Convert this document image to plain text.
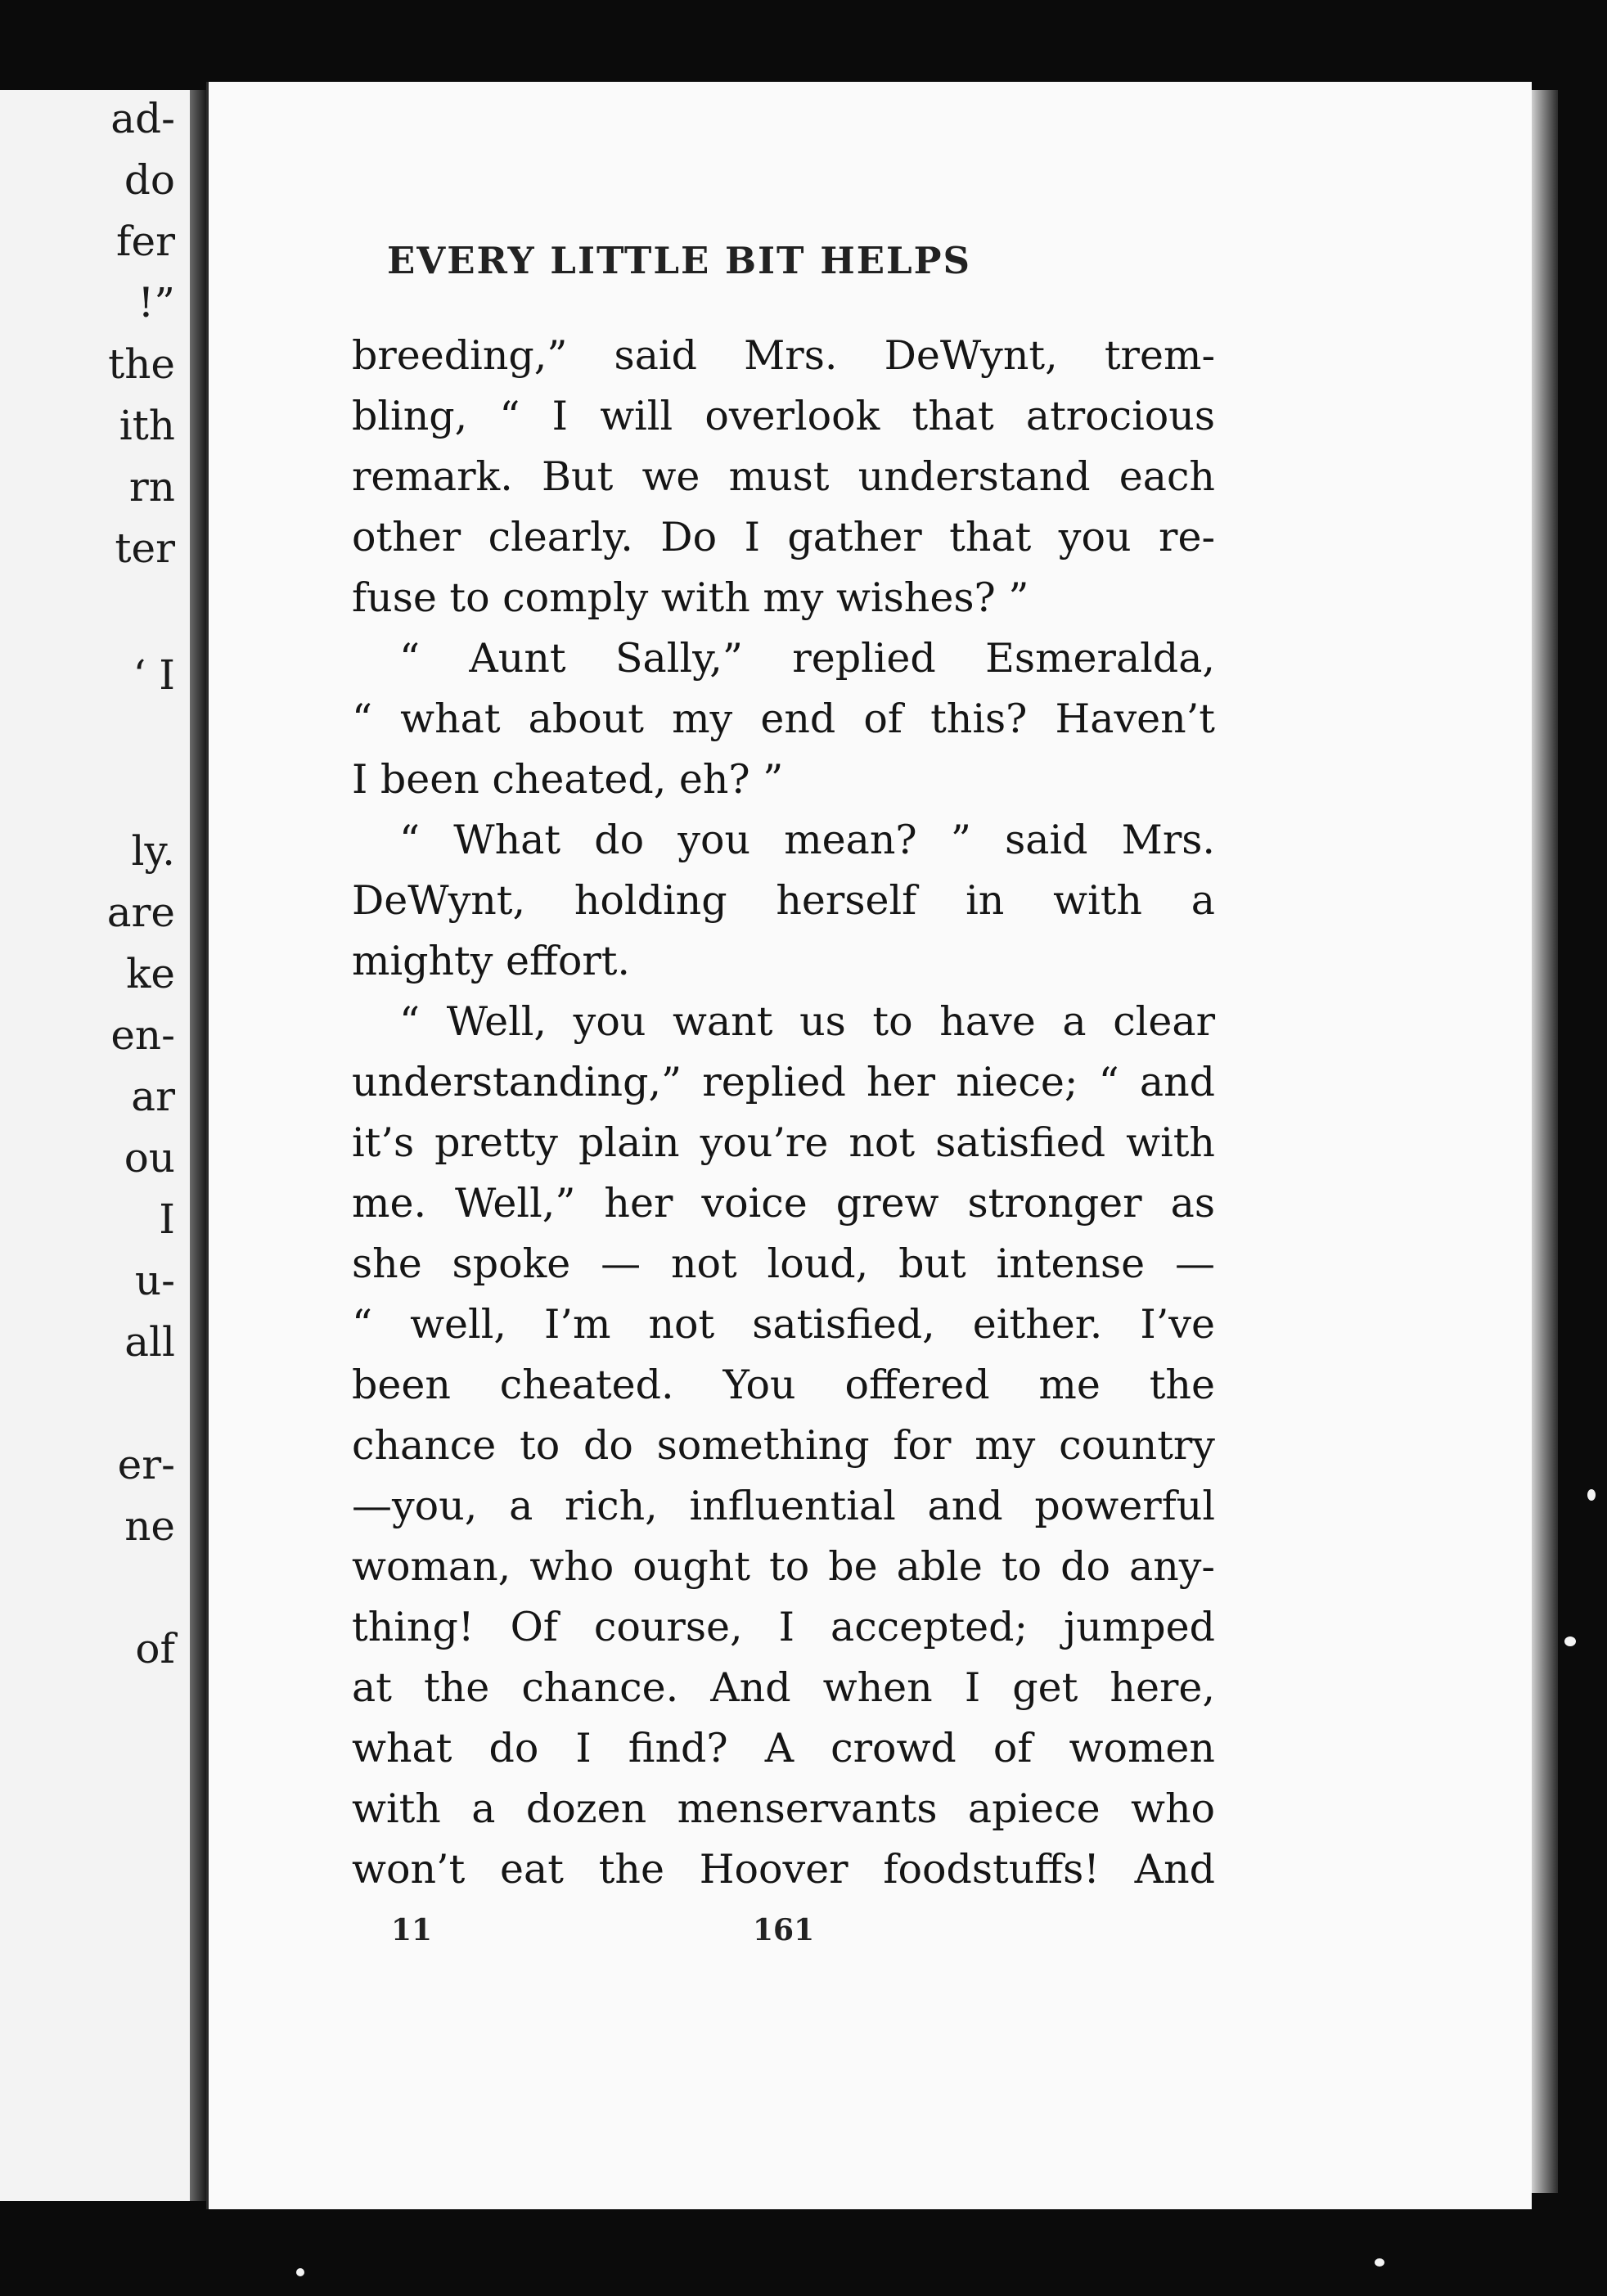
ad-
do
fer
!”
the
ith
rn
ter
‘ I
ly.
are
ke
en-
ar
ou
I
u-
all
er-
ne
of
EVERY LITTLE BIT HELPS
breeding,” said Mrs. DeWynt, trem-
bling, “ I will overlook that atrocious
remark. But we must understand each
other clearly. Do I gather that you re-
fuse to comply with my wishes? ”
“ Aunt Sally,” replied Esmeralda,
“ what about my end of this? Haven’t
I been cheated, eh? ”
“ What do you mean? ” said Mrs.
DeWynt, holding herself in with a
mighty effort.
“ Well, you want us to have a clear
understanding,” replied her niece; “ and
it’s pretty plain you’re not satisfied with
me. Well,” her voice grew stronger as
she spoke — not loud, but intense —
“ well, I’m not satisfied, either. I’ve
been cheated. You offered me the
chance to do something for my country
—you, a rich, influential and powerful
woman, who ought to be able to do any-
thing! Of course, I accepted; jumped
at the chance. And when I get here,
what do I find? A crowd of women
with a dozen menservants apiece who
won’t eat the Hoover foodstuffs! And
11	161
